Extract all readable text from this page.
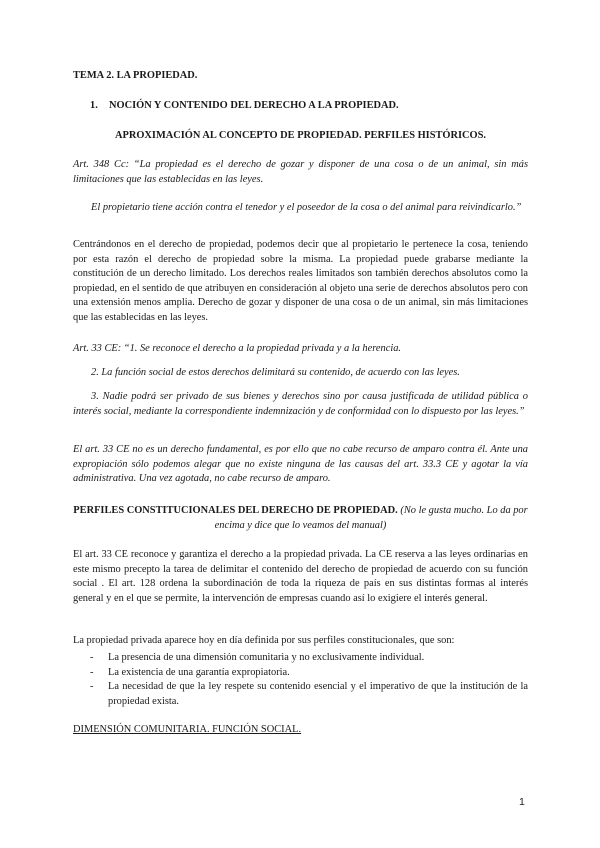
TEMA 2. LA PROPIEDAD.
1. NOCIÓN Y CONTENIDO DEL DERECHO A LA PROPIEDAD.
APROXIMACIÓN AL CONCEPTO DE PROPIEDAD. PERFILES HISTÓRICOS.
Art. 348 Cc: “La propiedad es el derecho de gozar y disponer de una cosa o de un animal, sin más limitaciones que las establecidas en las leyes.
El propietario tiene acción contra el tenedor y el poseedor de la cosa o del animal para reivindicarlo.”
Centrándonos en el derecho de propiedad, podemos decir que al propietario le pertenece la cosa, teniendo por esta razón el derecho de propiedad sobre la misma. La propiedad puede grabarse mediante la constitución de un derecho limitado. Los derechos reales limitados son también derechos absolutos como la propiedad, en el sentido de que atribuyen en consideración al objeto una serie de derechos absolutos pero con una extensión menos amplia. Derecho de gozar y disponer de una cosa o de un animal, sin más limitaciones que las establecidas en las leyes.
Art. 33 CE: “1. Se reconoce el derecho a la propiedad privada y a la herencia.
2. La función social de estos derechos delimitará su contenido, de acuerdo con las leyes.
3. Nadie podrá ser privado de sus bienes y derechos sino por causa justificada de utilidad pública o interés social, mediante la correspondiente indemnización y de conformidad con lo dispuesto por las leyes.”
El art. 33 CE no es un derecho fundamental, es por ello que no cabe recurso de amparo contra él. Ante una expropiación sólo podemos alegar que no existe ninguna de las causas del art. 33.3 CE y agotar la vía administrativa. Una vez agotada, no cabe recurso de amparo.
PERFILES CONSTITUCIONALES DEL DERECHO DE PROPIEDAD. (No le gusta mucho. Lo da por encima y dice que lo veamos del manual)
El art. 33 CE reconoce y garantiza el derecho a la propiedad privada. La CE reserva a las leyes ordinarias en este mismo precepto la tarea de delimitar el contenido del derecho de propiedad de acuerdo con su función social . El art. 128 ordena la subordinación de toda la riqueza de país en sus distintas formas al interés general y en el que se permite, la intervención de empresas cuando así lo exigiere el interés general.
La propiedad privada aparece hoy en día definida por sus perfiles constitucionales, que son:
- La presencia de una dimensión comunitaria y no exclusivamente individual.
- La existencia de una garantía expropiatoria.
- La necesidad de que la ley respete su contenido esencial y el imperativo de que la institución de la propiedad exista.
DIMENSIÓN COMUNITARIA. FUNCIÓN SOCIAL.
1
